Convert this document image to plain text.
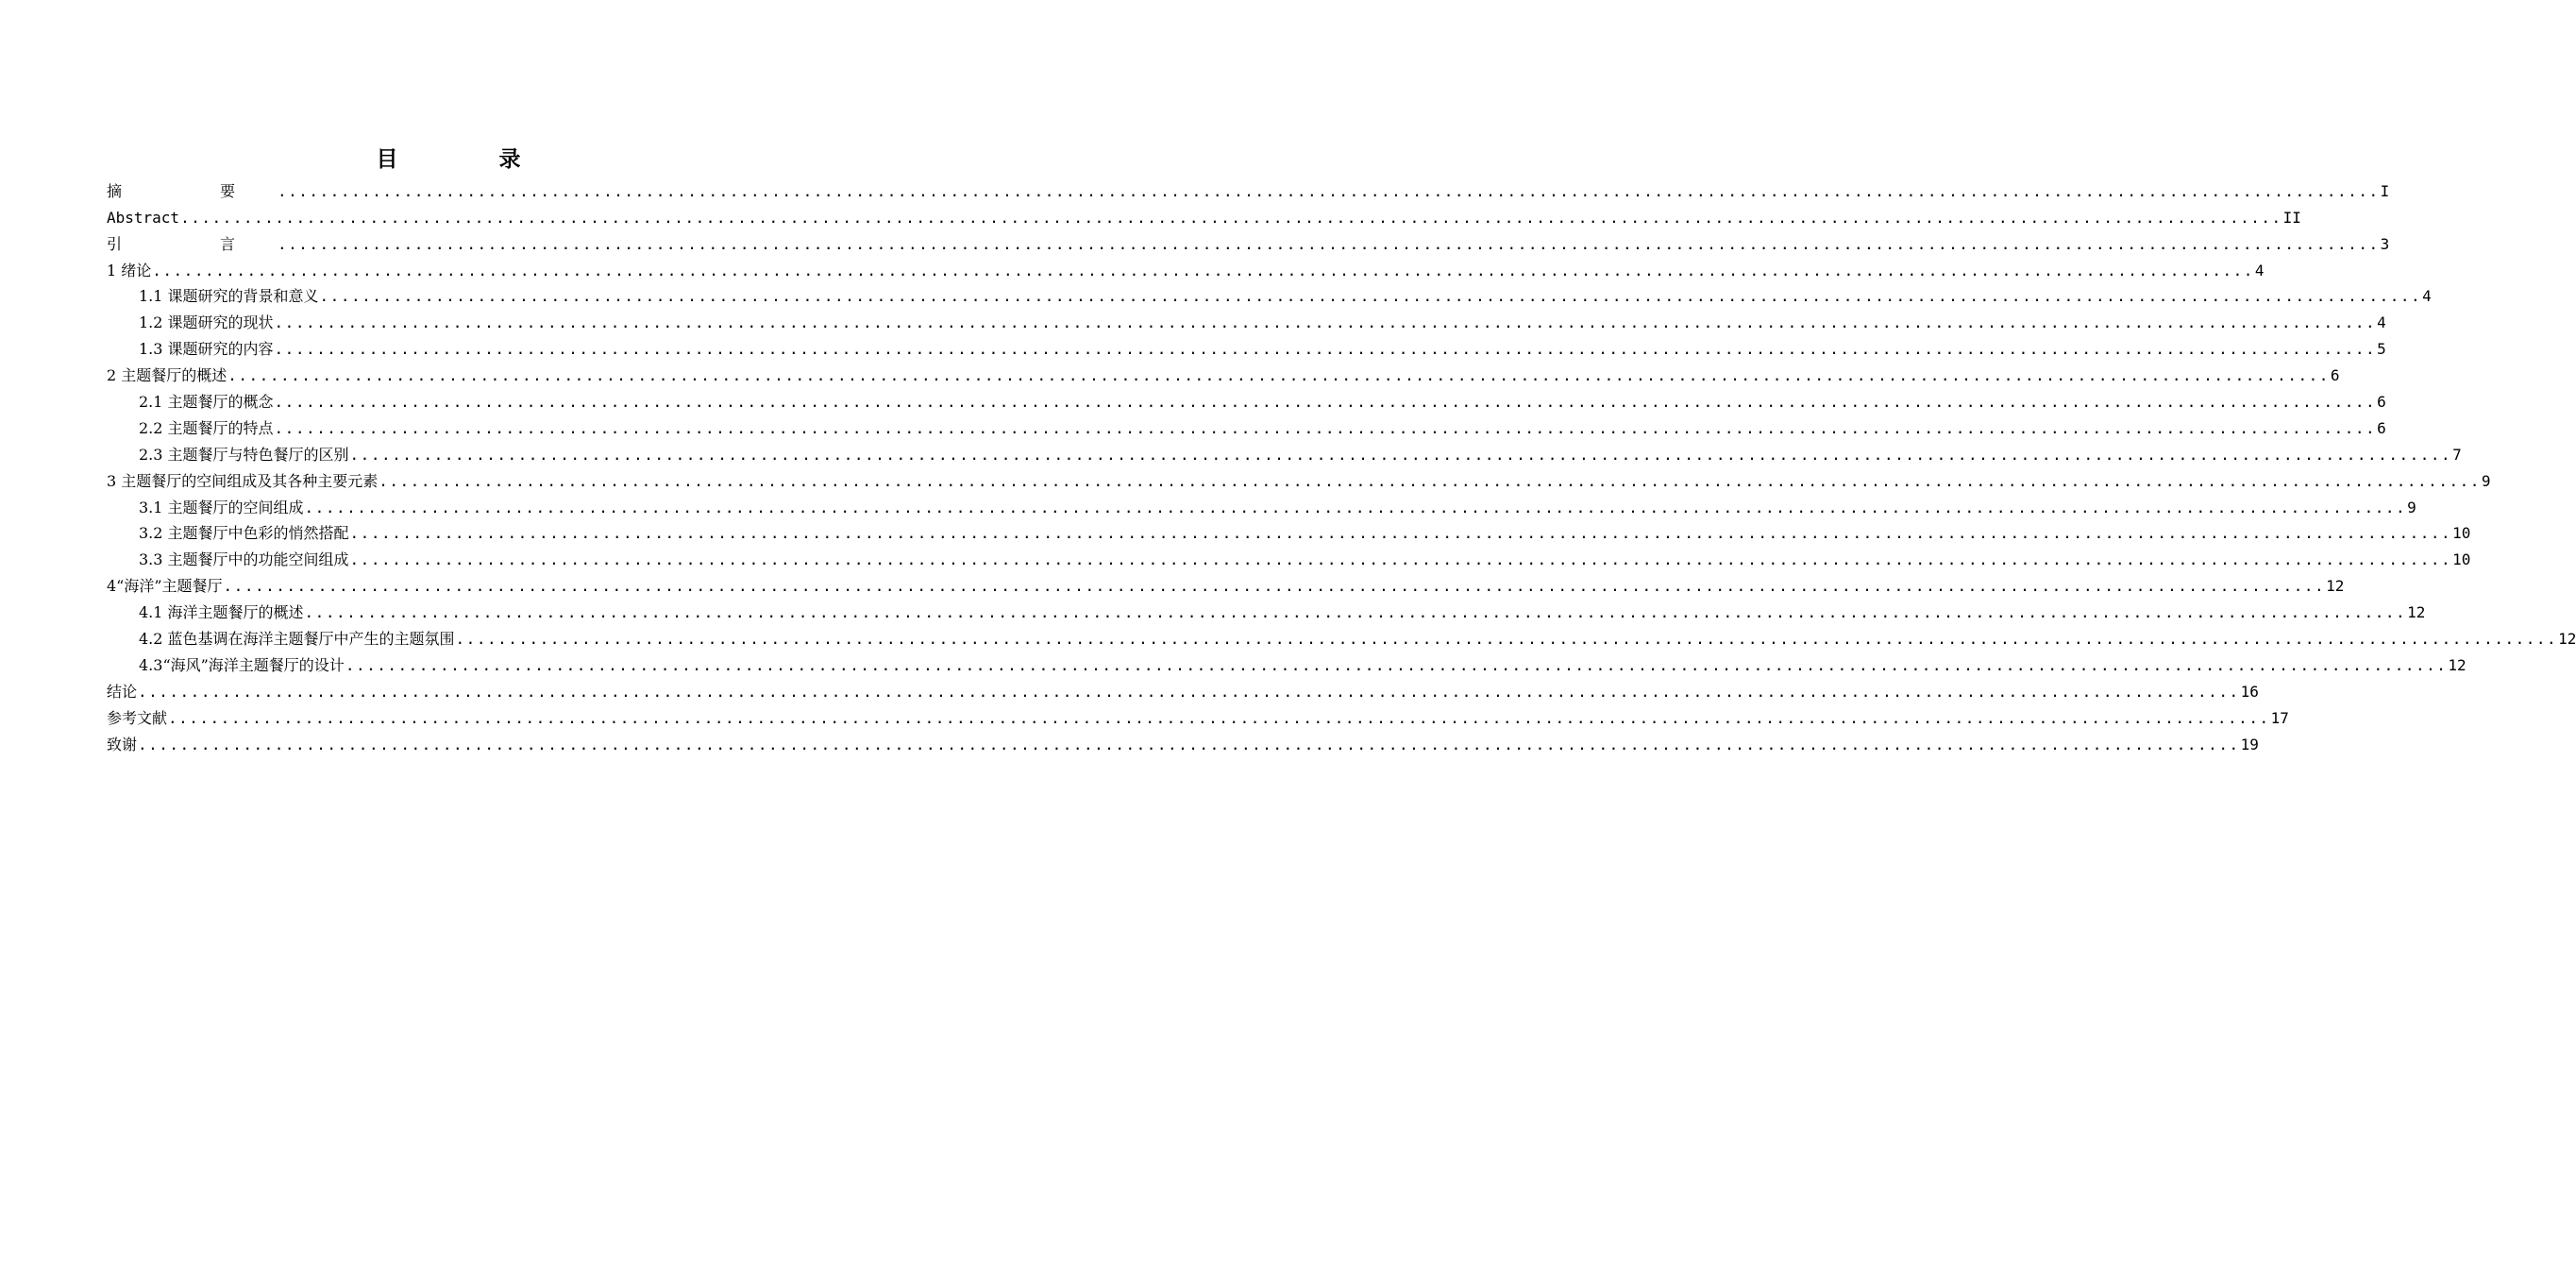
目　录
摘　要 ........................................................................................................................................................................................................ I
Abstract ........................................................................................................................................................................................................ II
引　言 ........................................................................................................................................................................................................ 3
1 绪论 ........................................................................................................................................................................................................ 4
1.1 课题研究的背景和意义 ........................................................................................................................................................................................................ 4
1.2 课题研究的现状 ........................................................................................................................................................................................................ 4
1.3 课题研究的内容 ........................................................................................................................................................................................................ 5
2 主题餐厅的概述 ........................................................................................................................................................................................................ 6
2.1 主题餐厅的概念 ........................................................................................................................................................................................................ 6
2.2 主题餐厅的特点 ........................................................................................................................................................................................................ 6
2.3 主题餐厅与特色餐厅的区别 ........................................................................................................................................................................................................ 7
3 主题餐厅的空间组成及其各种主要元素 ........................................................................................................................................................................................................ 9
3.1 主题餐厅的空间组成 ........................................................................................................................................................................................................ 9
3.2 主题餐厅中色彩的悄然搭配 ........................................................................................................................................................................................................ 10
3.3 主题餐厅中的功能空间组成 ........................................................................................................................................................................................................ 10
4“海洋”主题餐厅 ........................................................................................................................................................................................................ 12
4.1 海洋主题餐厅的概述 ........................................................................................................................................................................................................ 12
4.2 蓝色基调在海洋主题餐厅中产生的主题氛围 ........................................................................................................................................................................................................ 12
4.3“海风”海洋主题餐厅的设计 ........................................................................................................................................................................................................ 12
结论 ........................................................................................................................................................................................................ 16
参考文献 ........................................................................................................................................................................................................ 17
致谢 ........................................................................................................................................................................................................ 19
